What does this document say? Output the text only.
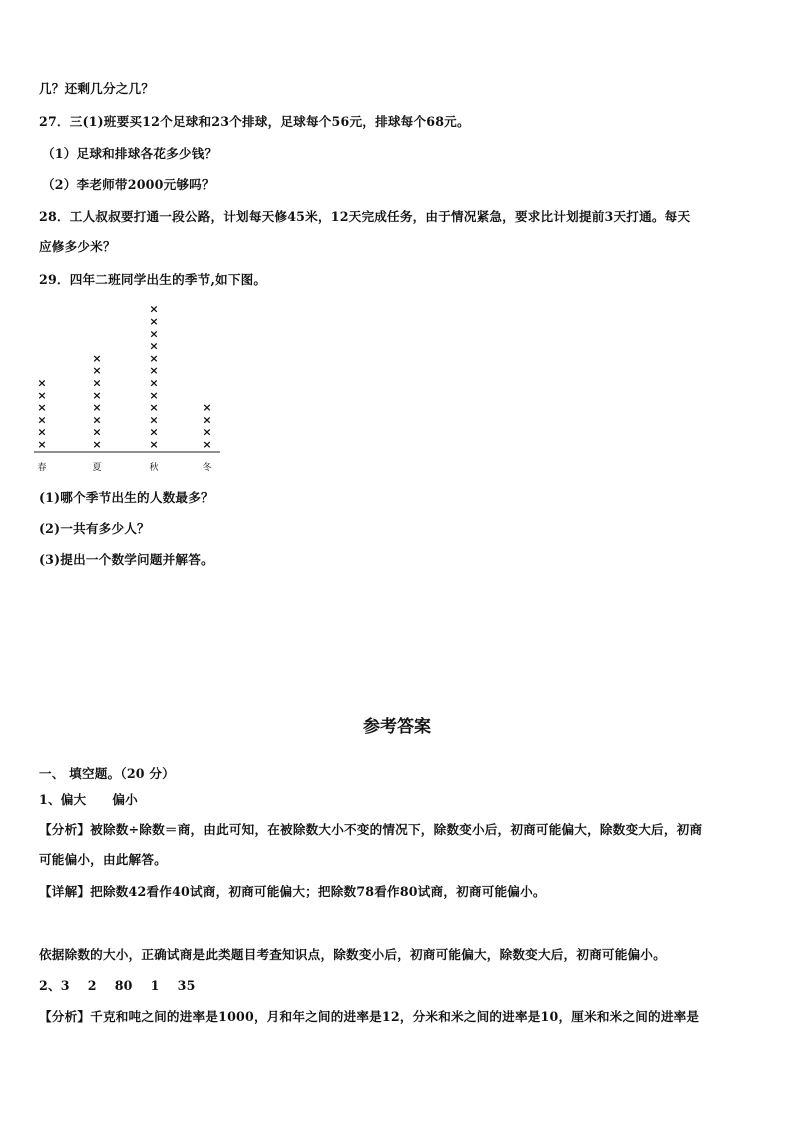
几？还剩几分之几？
27．三(1)班要买12个足球和23个排球，足球每个56元，排球每个68元。
（1）足球和排球各花多少钱？
（2）李老师带2000元够吗？
28．工人叔叔要打通一段公路，计划每天修45米，12天完成任务，由于情况紧急，要求比计划提前3天打通。每天
应修多少米？
29．四年二班同学出生的季节,如下图。
×
×
×
×
×
×
×
×
×
×
×
×
×
×
×
×
×
×
×
×
×
×
×
×
×
×
×
×
×
×
春	夏	秋	冬
(1)哪个季节出生的人数最多？
(2)一共有多少人？
(3)提出一个数学问题并解答。
参考答案
一、 填空题。（20 分）
1、偏大 偏小
【分析】被除数÷除数＝商，由此可知，在被除数大小不变的情况下，除数变小后，初商可能偏大，除数变大后，初商
可能偏小，由此解答。
【详解】把除数42看作40试商，初商可能偏大；把除数78看作80试商，初商可能偏小。
依据除数的大小，正确试商是此类题目考查知识点，除数变小后，初商可能偏大，除数变大后，初商可能偏小。
2、3 2 80 1 35
【分析】千克和吨之间的进率是1000，月和年之间的进率是12，分米和米之间的进率是10，厘米和米之间的进率是
